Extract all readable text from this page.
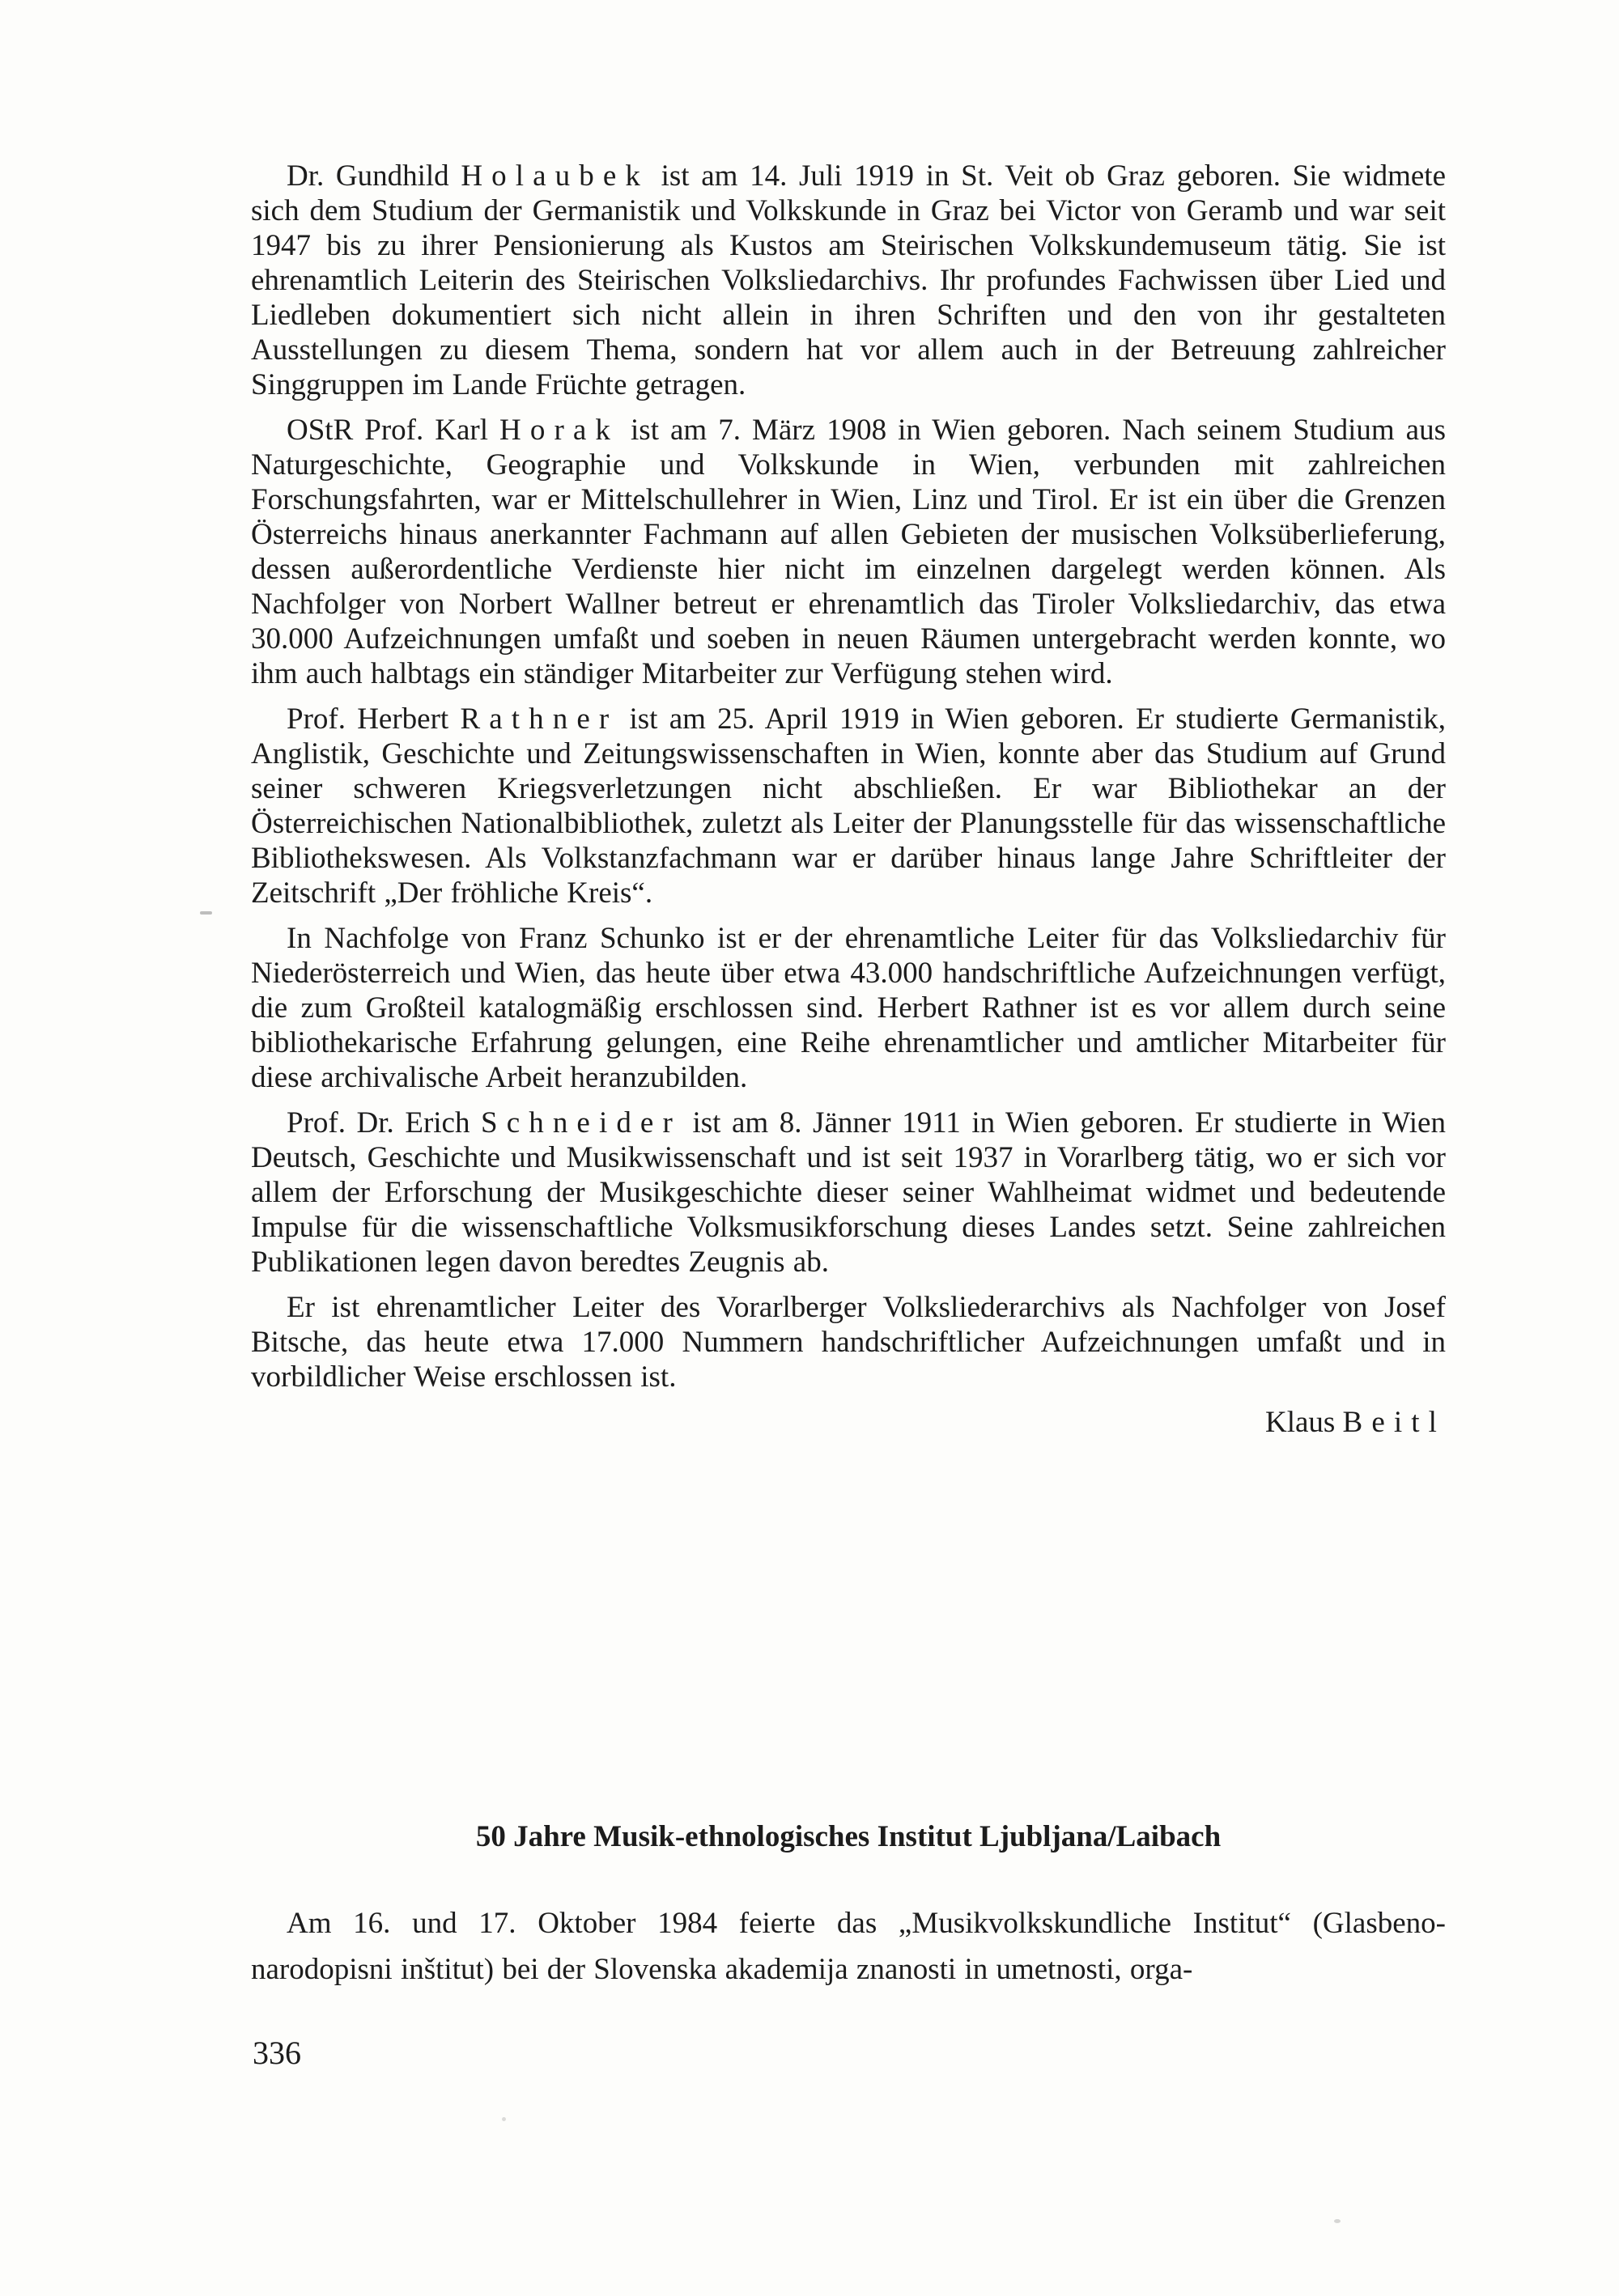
Dr. Gundhild Holaubek ist am 14. Juli 1919 in St. Veit ob Graz geboren. Sie widmete sich dem Studium der Germanistik und Volkskunde in Graz bei Victor von Geramb und war seit 1947 bis zu ihrer Pensionierung als Kustos am Steirischen Volkskundemuseum tätig. Sie ist ehrenamtlich Leiterin des Steirischen Volksliedarchivs. Ihr profundes Fachwissen über Lied und Liedleben dokumentiert sich nicht allein in ihren Schriften und den von ihr gestalteten Ausstellungen zu diesem Thema, sondern hat vor allem auch in der Betreuung zahlreicher Singgruppen im Lande Früchte getragen.

OStR Prof. Karl Horak ist am 7. März 1908 in Wien geboren. Nach seinem Studium aus Naturgeschichte, Geographie und Volkskunde in Wien, verbunden mit zahlreichen Forschungsfahrten, war er Mittelschullehrer in Wien, Linz und Tirol. Er ist ein über die Grenzen Österreichs hinaus anerkannter Fachmann auf allen Gebieten der musischen Volksüberlieferung, dessen außerordentliche Verdienste hier nicht im einzelnen dargelegt werden können. Als Nachfolger von Norbert Wallner betreut er ehrenamtlich das Tiroler Volksliedarchiv, das etwa 30.000 Aufzeichnungen umfaßt und soeben in neuen Räumen untergebracht werden konnte, wo ihm auch halbtags ein ständiger Mitarbeiter zur Verfügung stehen wird.

Prof. Herbert Rathner ist am 25. April 1919 in Wien geboren. Er studierte Germanistik, Anglistik, Geschichte und Zeitungswissenschaften in Wien, konnte aber das Studium auf Grund seiner schweren Kriegsverletzungen nicht abschließen. Er war Bibliothekar an der Österreichischen Nationalbibliothek, zuletzt als Leiter der Planungsstelle für das wissenschaftliche Bibliothekswesen. Als Volkstanzfachmann war er darüber hinaus lange Jahre Schriftleiter der Zeitschrift „Der fröhliche Kreis“.

In Nachfolge von Franz Schunko ist er der ehrenamtliche Leiter für das Volksliedarchiv für Niederösterreich und Wien, das heute über etwa 43.000 handschriftliche Aufzeichnungen verfügt, die zum Großteil katalogmäßig erschlossen sind. Herbert Rathner ist es vor allem durch seine bibliothekarische Erfahrung gelungen, eine Reihe ehrenamtlicher und amtlicher Mitarbeiter für diese archivalische Arbeit heranzubilden.

Prof. Dr. Erich Schneider ist am 8. Jänner 1911 in Wien geboren. Er studierte in Wien Deutsch, Geschichte und Musikwissenschaft und ist seit 1937 in Vorarlberg tätig, wo er sich vor allem der Erforschung der Musikgeschichte dieser seiner Wahlheimat widmet und bedeutende Impulse für die wissenschaftliche Volksmusikforschung dieses Landes setzt. Seine zahlreichen Publikationen legen davon beredtes Zeugnis ab.

Er ist ehrenamtlicher Leiter des Vorarlberger Volksliederarchivs als Nachfolger von Josef Bitsche, das heute etwa 17.000 Nummern handschriftlicher Aufzeichnungen umfaßt und in vorbildlicher Weise erschlossen ist.

Klaus Beitl

50 Jahre Musik-ethnologisches Institut Ljubljana/Laibach

Am 16. und 17. Oktober 1984 feierte das „Musikvolkskundliche Institut“ (Glasbeno-narodopisni inštitut) bei der Slovenska akademija znanosti in umetnosti, orga-

336
